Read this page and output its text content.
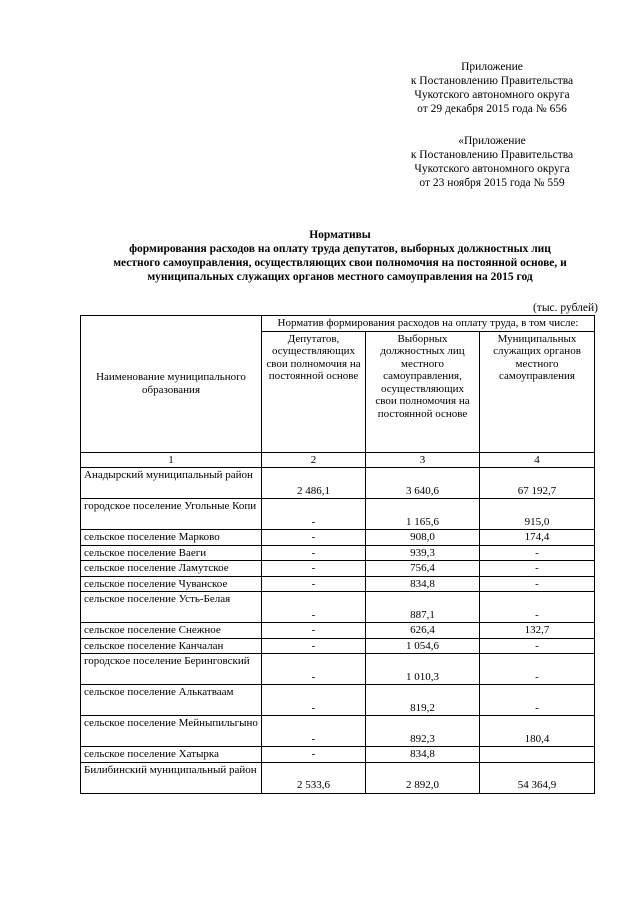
Приложение
к Постановлению Правительства
Чукотского автономного округа
от 29 декабря 2015 года № 656
«Приложение
к Постановлению Правительства
Чукотского автономного округа
от 23 ноября 2015 года № 559
Нормативы
формирования расходов на оплату труда депутатов, выборных должностных лиц
местного самоуправления, осуществляющих свои полномочия на постоянной основе, и
муниципальных служащих органов местного самоуправления на 2015 год
(тыс. рублей)
Наименование муниципального образования	Норматив формирования расходов на оплату труда, в том числе:		
	Депутатов, осуществляющих свои полномочия на постоянной основе	Выборных должностных лиц местного самоуправления, осуществляющих свои полномочия на постоянной основе	Муниципальных служащих органов местного самоуправления
1	2	3	4
Анадырский муниципальный район	2 486,1	3 640,6	67 192,7
городское поселение Угольные Копи	-	1 165,6	915,0
сельское поселение Марково	-	908,0	174,4
сельское поселение Ваеги	-	939,3	-
сельское поселение Ламутское	-	756,4	-
сельское поселение Чуванское	-	834,8	-
сельское поселение Усть-Белая	-	887,1	-
сельское поселение Снежное	-	626,4	132,7
сельское поселение Канчалан	-	1 054,6	-
городское поселение Беринговский	-	1 010,3	-
сельское поселение Алькатваам	-	819,2	-
сельское поселение Мейныпильгыно	-	892,3	180,4
сельское поселение Хатырка	-	834,8	
Билибинский муниципальный район	2 533,6	2 892,0	54 364,9
